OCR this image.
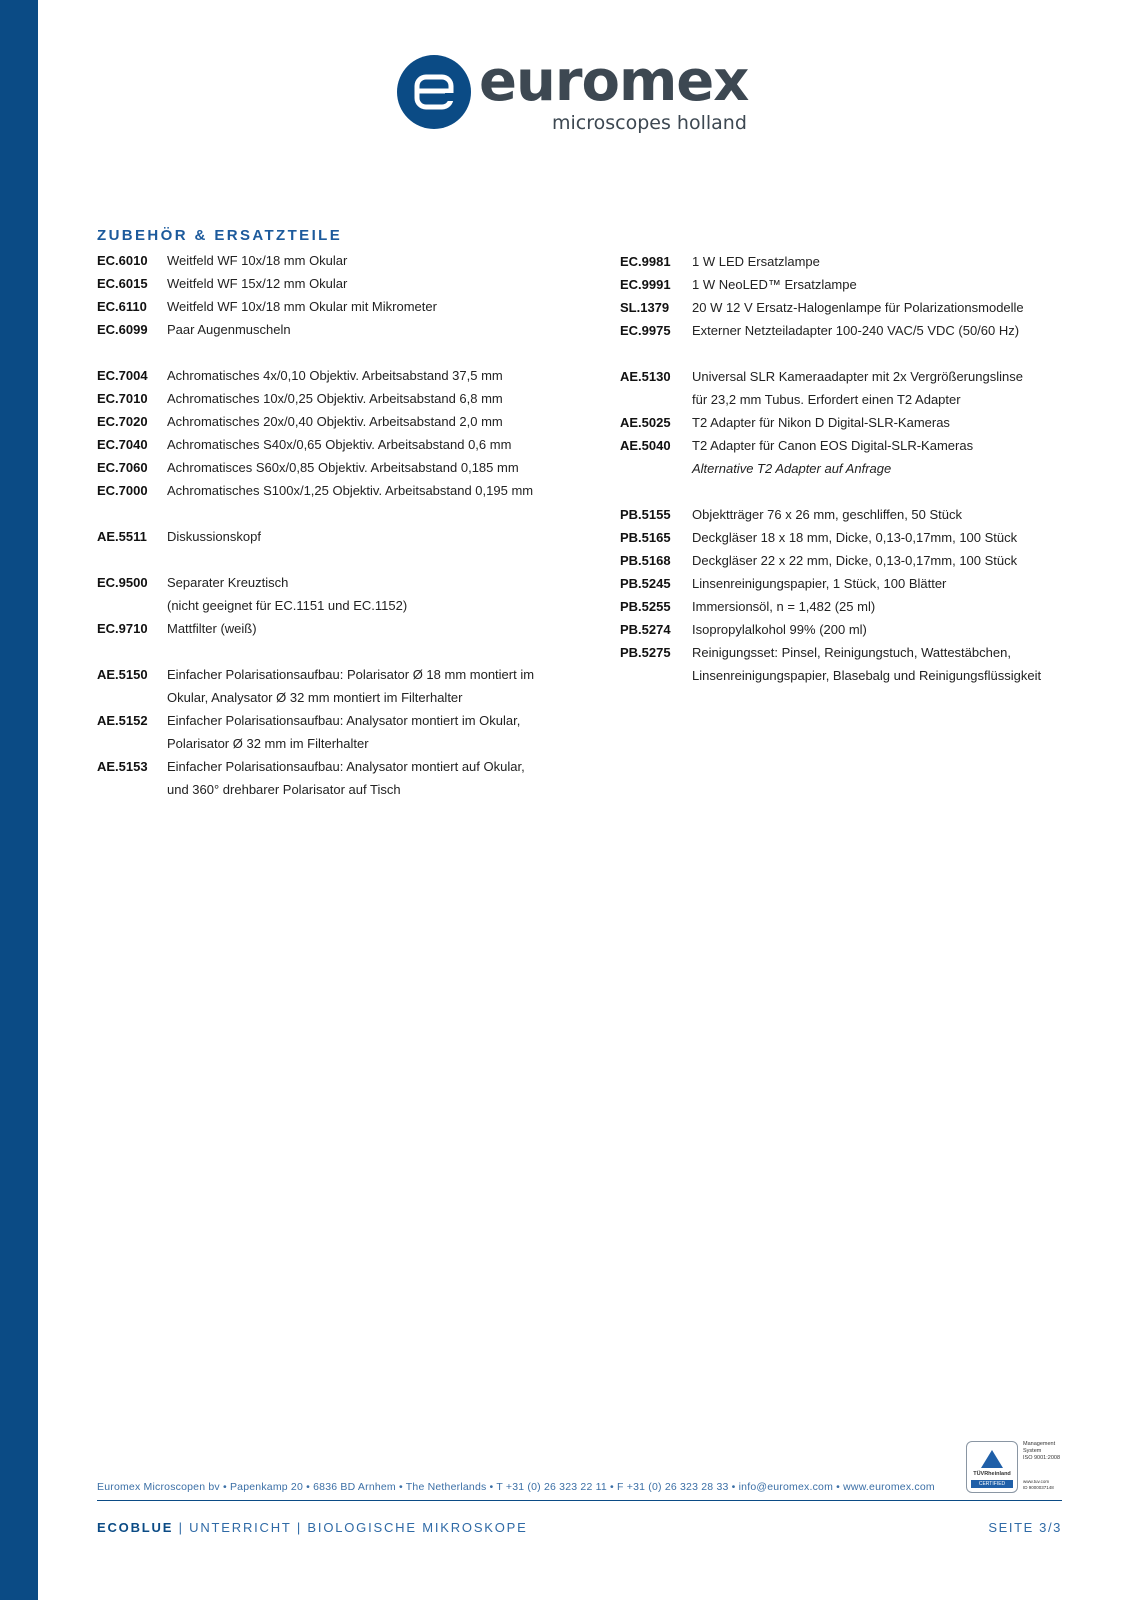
euromex
microscopes holland
ZUBEHÖR & ERSATZTEILE
EC.6010	Weitfeld WF 10x/18 mm Okular
EC.6015	Weitfeld WF 15x/12 mm Okular
EC.6110	Weitfeld WF 10x/18 mm Okular mit Mikrometer
EC.6099	Paar Augenmuscheln
EC.7004	Achromatisches 4x/0,10 Objektiv. Arbeitsabstand 37,5 mm
EC.7010	Achromatisches 10x/0,25 Objektiv. Arbeitsabstand 6,8 mm
EC.7020	Achromatisches 20x/0,40 Objektiv. Arbeitsabstand 2,0 mm
EC.7040	Achromatisches S40x/0,65 Objektiv. Arbeitsabstand 0,6 mm
EC.7060	Achromatisces S60x/0,85 Objektiv. Arbeitsabstand 0,185 mm
EC.7000	Achromatisches S100x/1,25 Objektiv. Arbeitsabstand 0,195 mm
AE.5511	Diskussionskopf
EC.9500	Separater Kreuztisch
(nicht geeignet für EC.1151 und EC.1152)
EC.9710	Mattfilter (weiß)
AE.5150	Einfacher Polarisationsaufbau: Polarisator Ø 18 mm montiert im
Okular, Analysator Ø 32 mm montiert im Filterhalter
AE.5152	Einfacher Polarisationsaufbau: Analysator montiert im Okular,
Polarisator Ø 32 mm im Filterhalter
AE.5153	Einfacher Polarisationsaufbau: Analysator montiert auf Okular,
und 360° drehbarer Polarisator auf Tisch
EC.9981	1 W LED Ersatzlampe
EC.9991	1 W NeoLED™ Ersatzlampe
SL.1379	20 W 12 V Ersatz-Halogenlampe für Polarizationsmodelle
EC.9975	Externer Netzteiladapter 100-240 VAC/5 VDC (50/60 Hz)
AE.5130	Universal SLR Kameraadapter mit 2x Vergrößerungslinse
für 23,2 mm Tubus. Erfordert einen T2 Adapter
AE.5025	T2 Adapter für Nikon D Digital-SLR-Kameras
AE.5040	T2 Adapter für Canon EOS Digital-SLR-Kameras
Alternative T2 Adapter auf Anfrage
PB.5155	Objektträger 76 x 26 mm, geschliffen, 50 Stück
PB.5165	Deckgläser 18 x 18 mm, Dicke, 0,13-0,17mm, 100 Stück
PB.5168	Deckgläser 22 x 22 mm, Dicke, 0,13-0,17mm, 100 Stück
PB.5245	Linsenreinigungspapier, 1 Stück, 100 Blätter
PB.5255	Immersionsöl, n = 1,482 (25 ml)
PB.5274	Isopropylalkohol 99% (200 ml)
PB.5275	Reinigungsset: Pinsel, Reinigungstuch, Wattestäbchen,
Linsenreinigungspapier, Blasebalg und Reinigungsflüssigkeit
TÜVRheinland
CERTIFIED
Management
System
ISO 9001:2008
www.tuv.com
ID 9000037148
Euromex Microscopen bv • Papenkamp 20 • 6836 BD Arnhem • The Netherlands • T +31 (0) 26 323 22 11 • F +31 (0) 26 323 28 33 • info@euromex.com • www.euromex.com
ECOBLUE | UNTERRICHT | BIOLOGISCHE MIKROSKOPE	SEITE 3/3
